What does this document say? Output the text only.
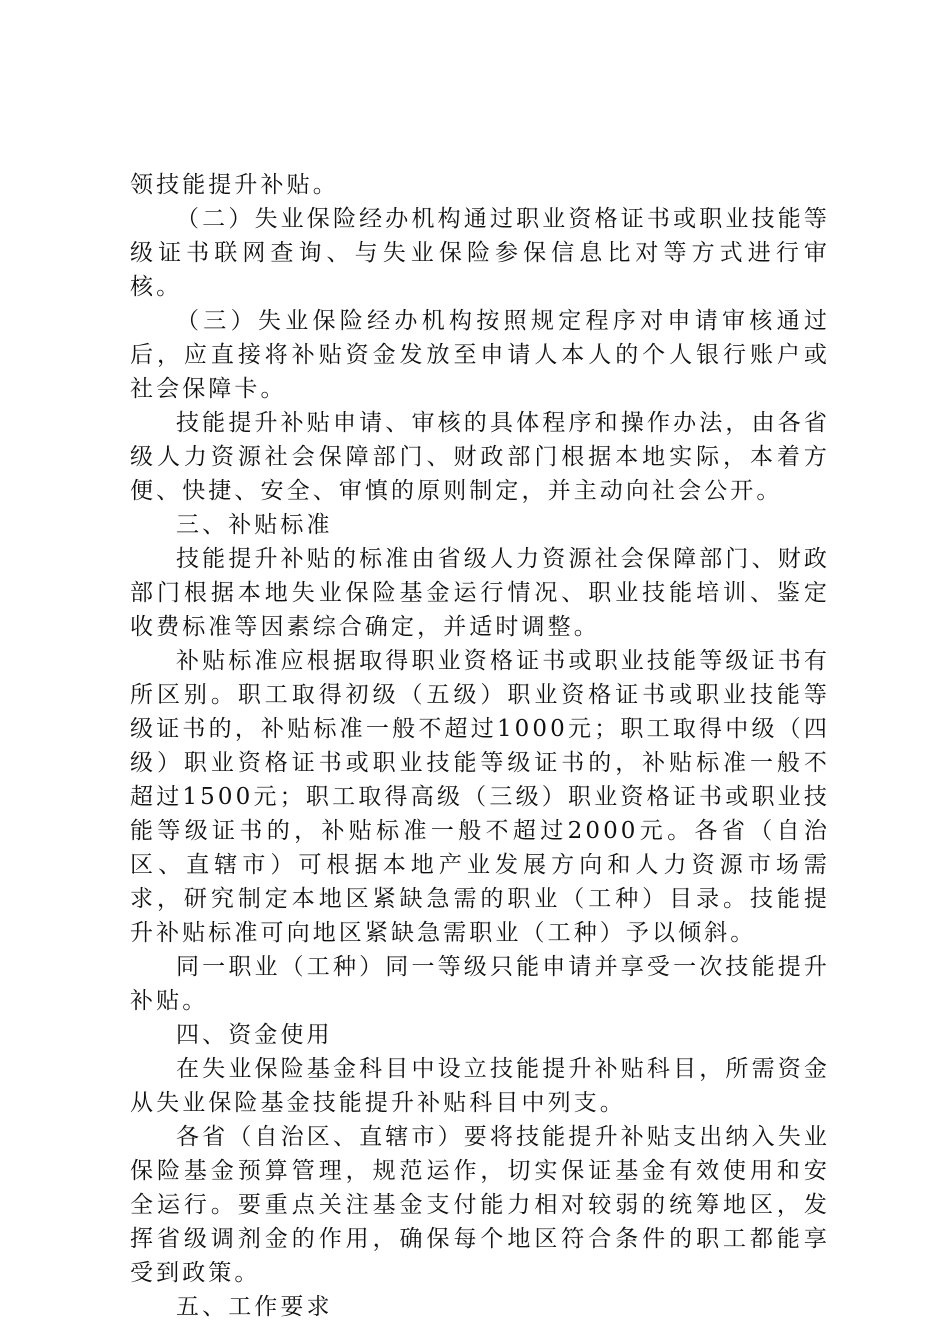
领技能提升补贴。

（二）失业保险经办机构通过职业资格证书或职业技能等级证书联网查询、与失业保险参保信息比对等方式进行审核。

（三）失业保险经办机构按照规定程序对申请审核通过后，应直接将补贴资金发放至申请人本人的个人银行账户或社会保障卡。

技能提升补贴申请、审核的具体程序和操作办法，由各省级人力资源社会保障部门、财政部门根据本地实际，本着方便、快捷、安全、审慎的原则制定，并主动向社会公开。

三、补贴标准

技能提升补贴的标准由省级人力资源社会保障部门、财政部门根据本地失业保险基金运行情况、职业技能培训、鉴定收费标准等因素综合确定，并适时调整。

补贴标准应根据取得职业资格证书或职业技能等级证书有所区别。职工取得初级（五级）职业资格证书或职业技能等级证书的，补贴标准一般不超过1000元；职工取得中级（四级）职业资格证书或职业技能等级证书的，补贴标准一般不超过1500元；职工取得高级（三级）职业资格证书或职业技能等级证书的，补贴标准一般不超过2000元。各省（自治区、直辖市）可根据本地产业发展方向和人力资源市场需求，研究制定本地区紧缺急需的职业（工种）目录。技能提升补贴标准可向地区紧缺急需职业（工种）予以倾斜。

同一职业（工种）同一等级只能申请并享受一次技能提升补贴。

四、资金使用

在失业保险基金科目中设立技能提升补贴科目，所需资金从失业保险基金技能提升补贴科目中列支。

各省（自治区、直辖市）要将技能提升补贴支出纳入失业保险基金预算管理，规范运作，切实保证基金有效使用和安全运行。要重点关注基金支付能力相对较弱的统筹地区，发挥省级调剂金的作用，确保每个地区符合条件的职工都能享受到政策。

五、工作要求
